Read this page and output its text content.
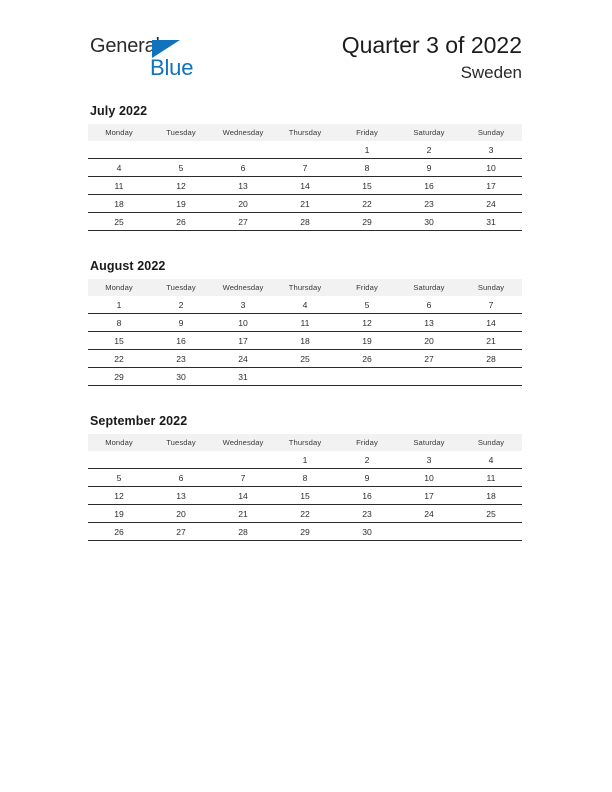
General
Blue
Quarter 3 of 2022
Sweden
July 2022
Monday	Tuesday	Wednesday	Thursday	Friday	Saturday	Sunday
				1	2	3
4	5	6	7	8	9	10
11	12	13	14	15	16	17
18	19	20	21	22	23	24
25	26	27	28	29	30	31
August 2022
Monday	Tuesday	Wednesday	Thursday	Friday	Saturday	Sunday
1	2	3	4	5	6	7
8	9	10	11	12	13	14
15	16	17	18	19	20	21
22	23	24	25	26	27	28
29	30	31				
September 2022
Monday	Tuesday	Wednesday	Thursday	Friday	Saturday	Sunday
			1	2	3	4
5	6	7	8	9	10	11
12	13	14	15	16	17	18
19	20	21	22	23	24	25
26	27	28	29	30		
